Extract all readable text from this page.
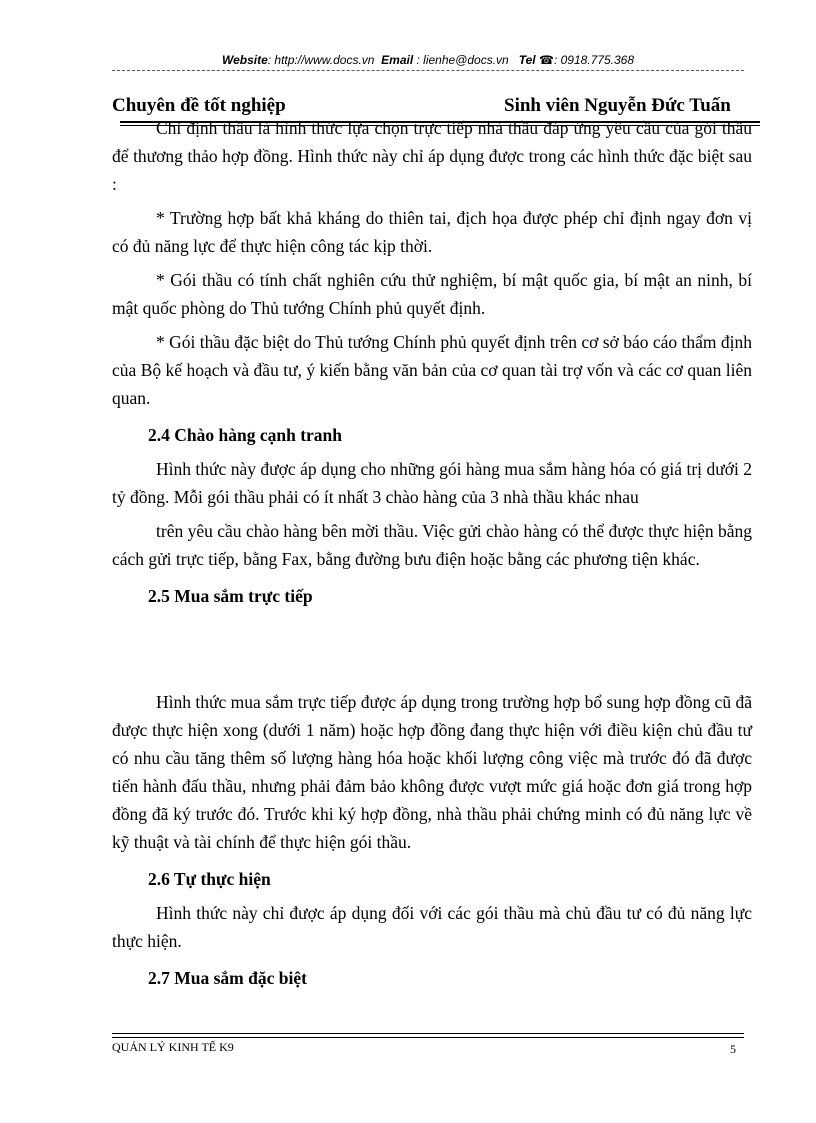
Website: http://www.docs.vn Email : lienhe@docs.vn Tel ☎: 0918.775.368

Chỉ định thầu là hình thức lựa chọn trực tiếp nhà thầu đáp ứng yêu cầu của gói thầu để thương thảo hợp đồng. Hình thức này chỉ áp dụng được trong các hình thức đặc biệt sau :

* Trường hợp bất khả kháng do thiên tai, địch họa được phép chỉ định ngay đơn vị có đủ năng lực để thực hiện công tác kịp thời.

* Gói thầu có tính chất nghiên cứu thử nghiệm, bí mật quốc gia, bí mật an ninh, bí mật quốc phòng do Thủ tướng Chính phủ quyết định.

* Gói thầu đặc biệt do Thủ tướng Chính phủ quyết định trên cơ sở báo cáo thẩm định của Bộ kế hoạch và đầu tư, ý kiến bằng văn bản của cơ quan tài trợ vốn và các cơ quan liên quan.

2.4 Chào hàng cạnh tranh

Hình thức này được áp dụng cho những gói hàng mua sắm hàng hóa có giá trị dưới 2 tỷ đồng. Mỗi gói thầu phải có ít nhất 3 chào hàng của 3 nhà thầu khác nhau

trên yêu cầu chào hàng bên mời thầu. Việc gửi chào hàng có thể được thực hiện bằng cách gửi trực tiếp, bằng Fax, bằng đường bưu điện hoặc bằng các phương tiện khác.

2.5 Mua sắm trực tiếp

Hình thức mua sắm trực tiếp được áp dụng trong trường hợp bổ sung hợp đồng cũ đã được thực hiện xong (dưới 1 năm) hoặc hợp đồng đang thực hiện với điều kiện chủ đầu tư có nhu cầu tăng thêm số lượng hàng hóa hoặc khối lượng công việc mà trước đó đã được tiến hành đấu thầu, nhưng phải đảm bảo không được vượt mức giá hoặc đơn giá trong hợp đồng đã ký trước đó. Trước khi ký hợp đồng, nhà thầu phải chứng minh có đủ năng lực về kỹ thuật và tài chính để thực hiện gói thầu.

2.6 Tự thực hiện

Hình thức này chỉ được áp dụng đối với các gói thầu mà chủ đầu tư có đủ năng lực thực hiện.

2.7 Mua sắm đặc biệt

Chuyên đề tốt nghiệp	Sinh viên Nguyễn Đức Tuấn
QUẢN LÝ KINH TẾ K9	5
